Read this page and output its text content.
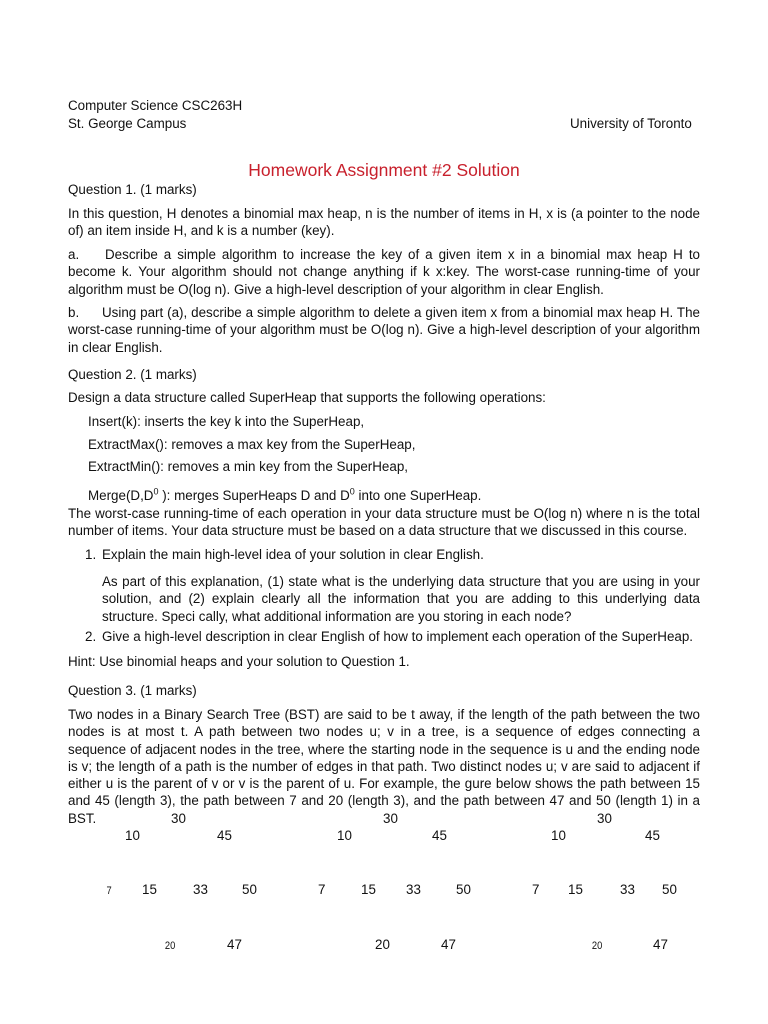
Computer Science CSC263H
St. George Campus	University of Toronto
Homework Assignment #2 Solution
Question 1. (1 marks)
In this question, H denotes a binomial max heap, n is the number of items in H, x is (a pointer to the node of) an item inside H, and k is a number (key).
a. Describe a simple algorithm to increase the key of a given item x in a binomial max heap H to become k. Your algorithm should not change anything if k x:key. The worst-case running-time of your algorithm must be O(log n). Give a high-level description of your algorithm in clear English.
b. Using part (a), describe a simple algorithm to delete a given item x from a binomial max heap H. The worst-case running-time of your algorithm must be O(log n). Give a high-level description of your algorithm in clear English.
Question 2. (1 marks)
Design a data structure called SuperHeap that supports the following operations:
Insert(k): inserts the key k into the SuperHeap,
ExtractMax(): removes a max key from the SuperHeap,
ExtractMin(): removes a min key from the SuperHeap,
$Merge(D,D^0$ ): merges SuperHeaps D and $D^0$ into one SuperHeap.
The worst-case running-time of each operation in your data structure must be O(log n) where n is the total number of items. Your data structure must be based on a data structure that we discussed in this course.
1. Explain the main high-level idea of your solution in clear English.
As part of this explanation, (1) state what is the underlying data structure that you are using in your solution, and (2) explain clearly all the information that you are adding to this underlying data structure. Speci cally, what additional information are you storing in each node?
2. Give a high-level description in clear English of how to implement each operation of the SuperHeap.
Hint: Use binomial heaps and your solution to Question 1.
Question 3. (1 marks)
Two nodes in a Binary Search Tree (BST) are said to be t away, if the length of the path between the two nodes is at most t. A path between two nodes u; v in a tree, is a sequence of edges connecting a sequence of adjacent nodes in the tree, where the starting node in the sequence is u and the ending node is v; the length of a path is the number of edges in that path. Two distinct nodes u; v are said to adjacent if either u is the parent of v or v is the parent of u. For example, the gure below shows the path between 15 and 45 (length 3), the path between 7 and 20 (length 3), and the path between 47 and 50 (length 1) in a BST.	30
10	45
7 15	33	50
20	47
30
10	45
7	15 33	50
20	47
30
10	45
7 15	33 50
20	47
